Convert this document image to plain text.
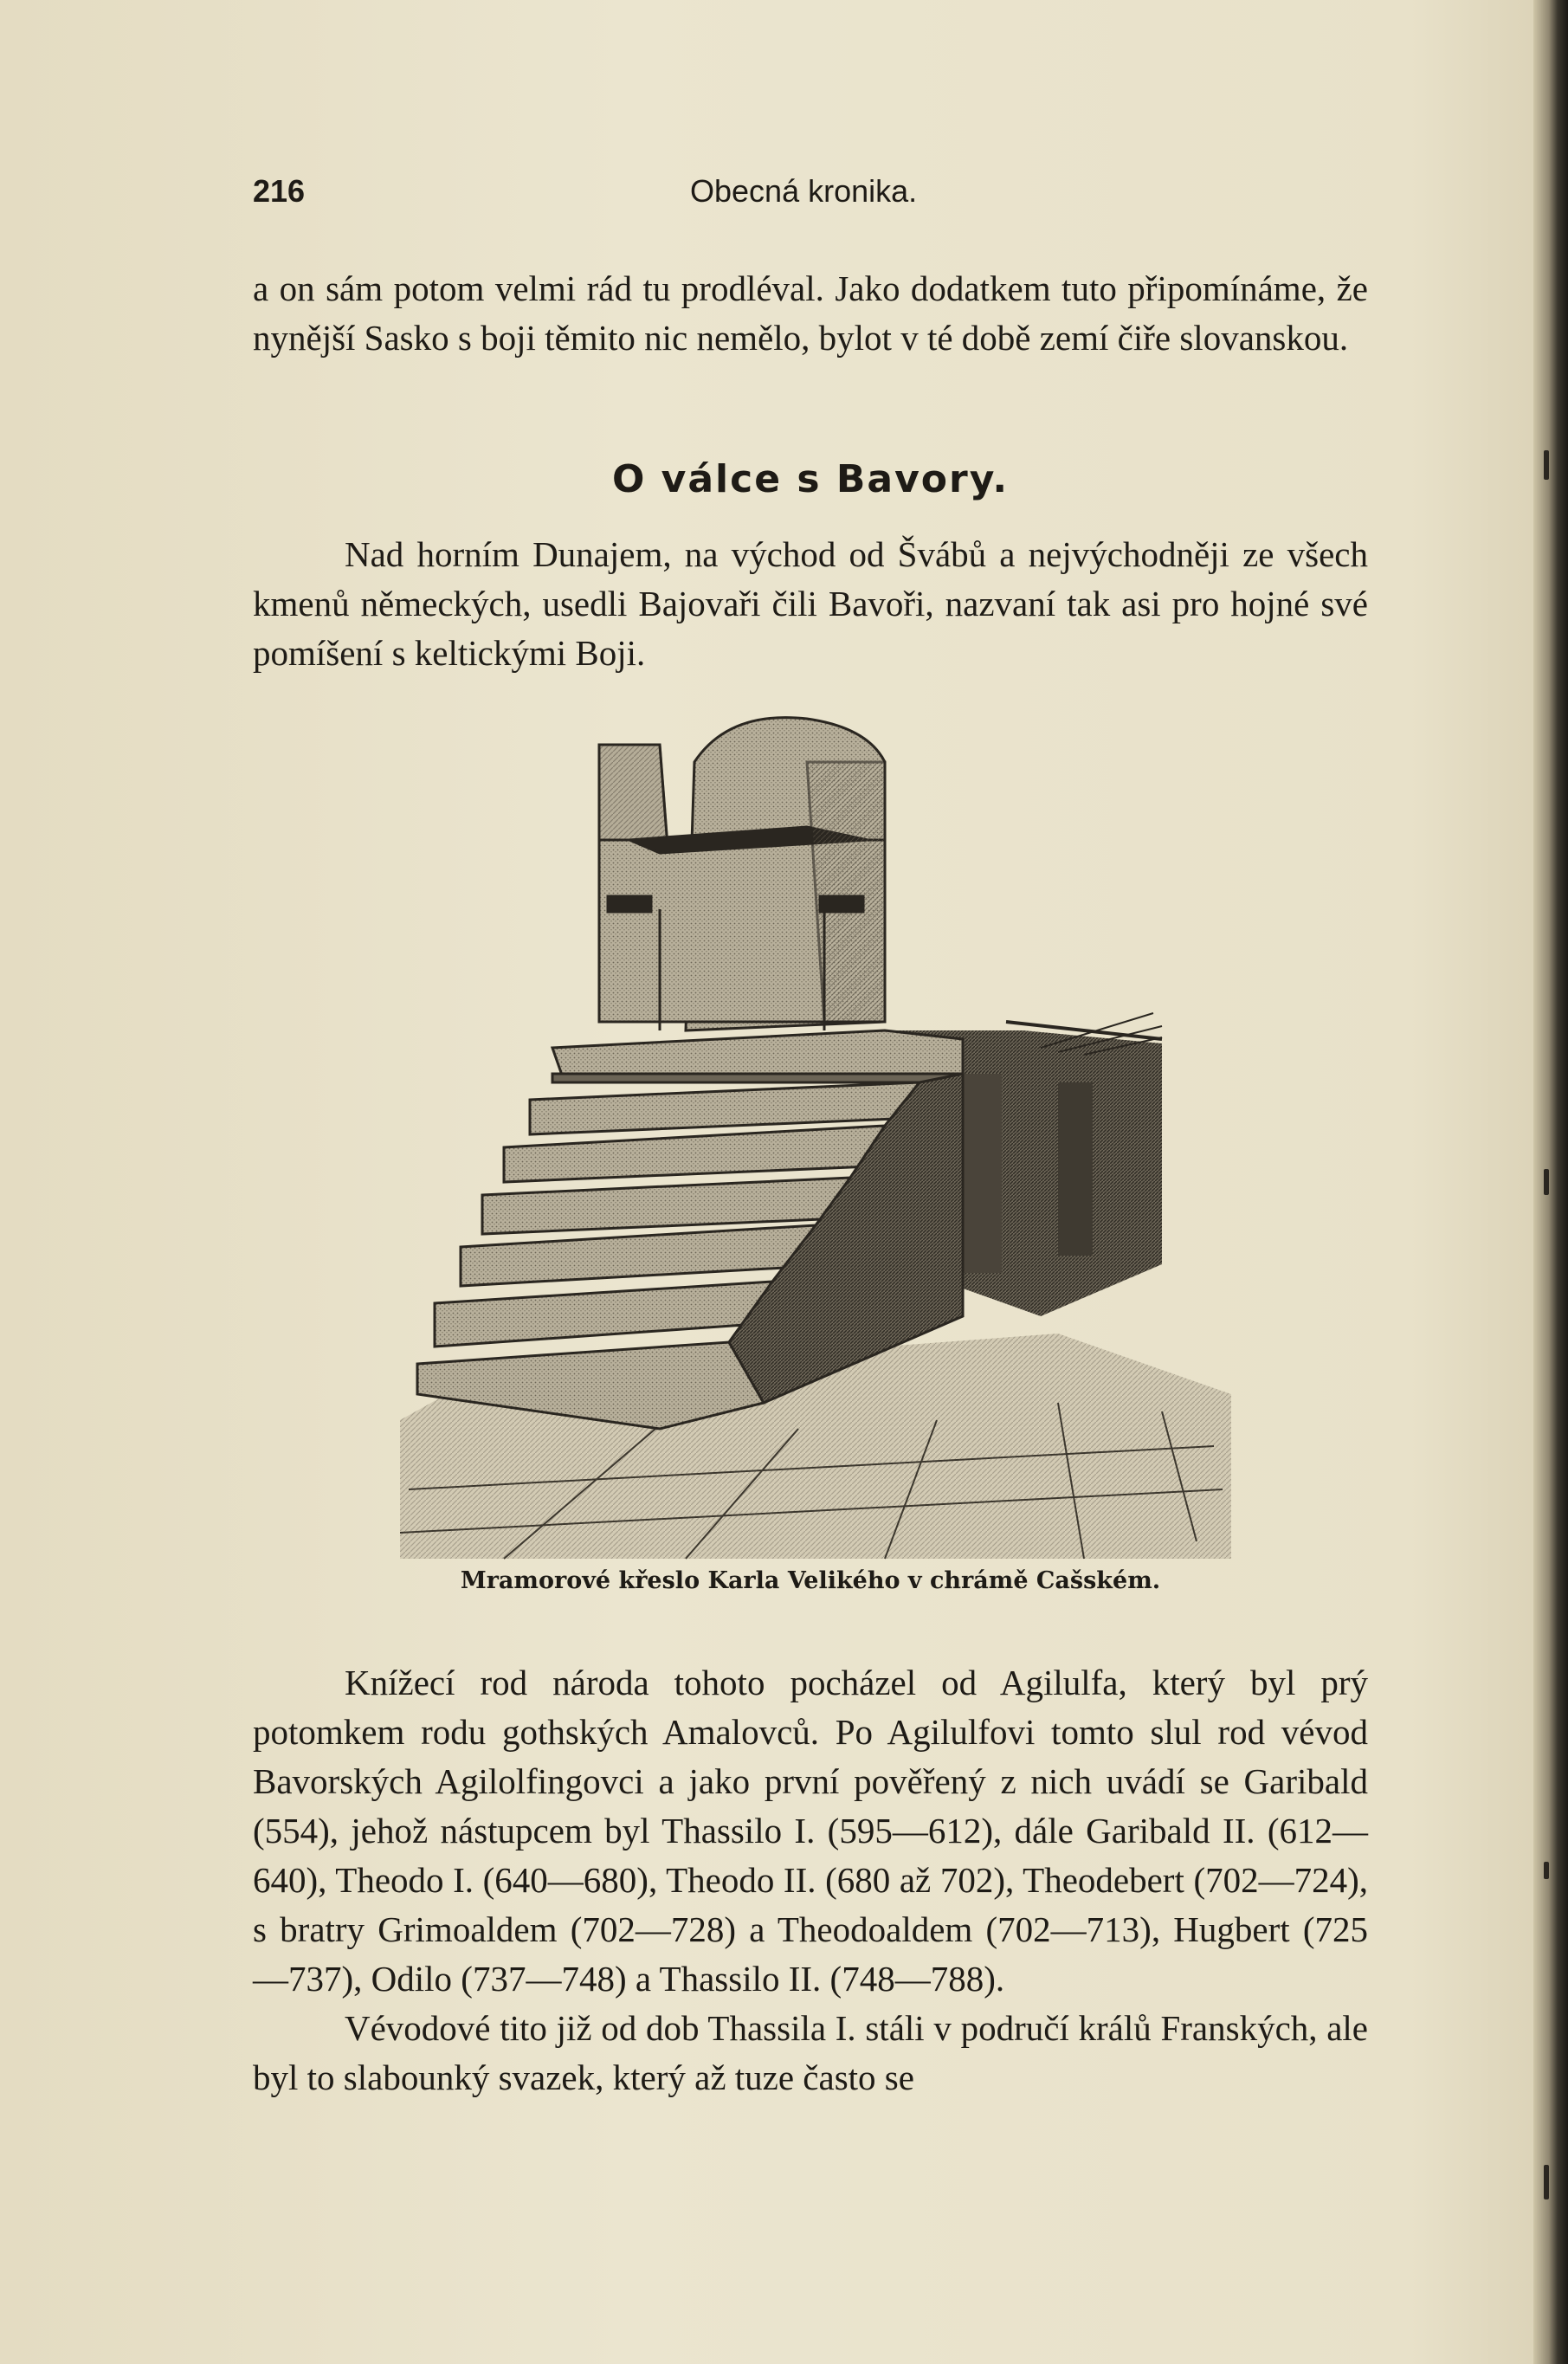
216	Obecná kronika.

a on sám potom velmi rád tu prodléval. Jako dodatkem tuto připomínáme, že nynější Sasko s boji těmito nic nemělo, bylot v té době zemí čiře slovanskou.

O válce s Bavory.

Nad horním Dunajem, na východ od Švábů a nejvýchodněji ze všech kmenů německých, usedli Bajovaři čili Bavoři, nazvaní tak asi pro hojné své pomíšení s keltickými Boji.

Mramorové křeslo Karla Velikého v chrámě Cašském.

Knížecí rod národa tohoto pocházel od Agilulfa, který byl prý potomkem rodu gothských Amalovců. Po Agilulfovi tomto slul rod vévod Bavorských Agilolfingovci a jako první pověřený z nich uvádí se Garibald (554), jehož nástupcem byl Thassilo I. (595—612), dále Garibald II. (612—640), Theodo I. (640—680), Theodo II. (680 až 702), Theodebert (702—724), s bratry Grimoaldem (702—728) a Theodoaldem (702—713), Hugbert (725—737), Odilo (737—748) a Thassilo II. (748—788).

Vévodové tito již od dob Thassila I. stáli v područí králů Franských, ale byl to slabounký svazek, který až tuze často se
